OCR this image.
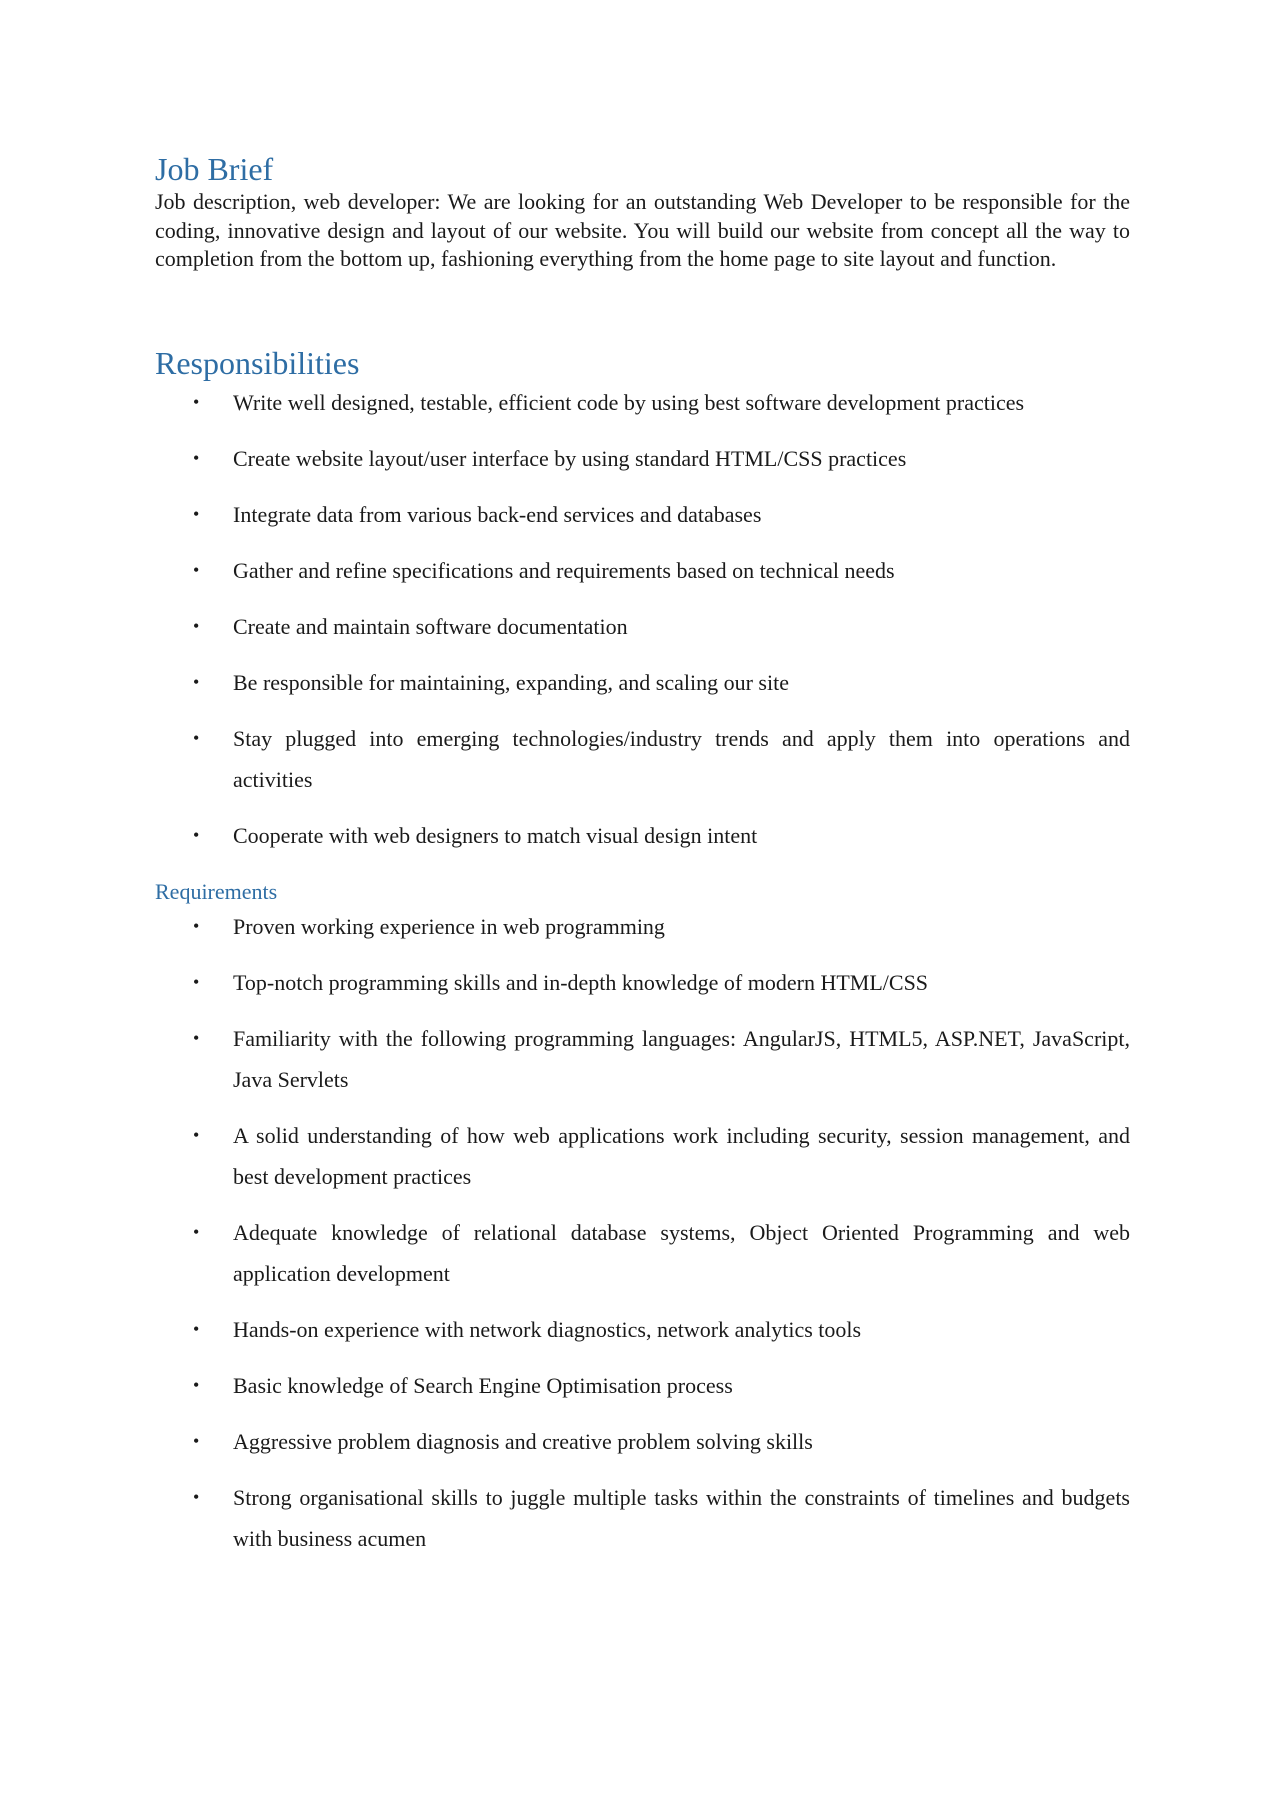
Job Brief

Job description, web developer: We are looking for an outstanding Web Developer to be responsible for the coding, innovative design and layout of our website. You will build our website from concept all the way to completion from the bottom up, fashioning everything from the home page to site layout and function.

Responsibilities
• Write well designed, testable, efficient code by using best software development practices
• Create website layout/user interface by using standard HTML/CSS practices
• Integrate data from various back-end services and databases
• Gather and refine specifications and requirements based on technical needs
• Create and maintain software documentation
• Be responsible for maintaining, expanding, and scaling our site
• Stay plugged into emerging technologies/industry trends and apply them into operations and activities
• Cooperate with web designers to match visual design intent
Requirements
• Proven working experience in web programming
• Top-notch programming skills and in-depth knowledge of modern HTML/CSS
• Familiarity with the following programming languages: AngularJS, HTML5, ASP.NET, JavaScript, Java Servlets
• A solid understanding of how web applications work including security, session management, and best development practices
• Adequate knowledge of relational database systems, Object Oriented Programming and web application development
• Hands-on experience with network diagnostics, network analytics tools
• Basic knowledge of Search Engine Optimisation process
• Aggressive problem diagnosis and creative problem solving skills
• Strong organisational skills to juggle multiple tasks within the constraints of timelines and budgets with business acumen
